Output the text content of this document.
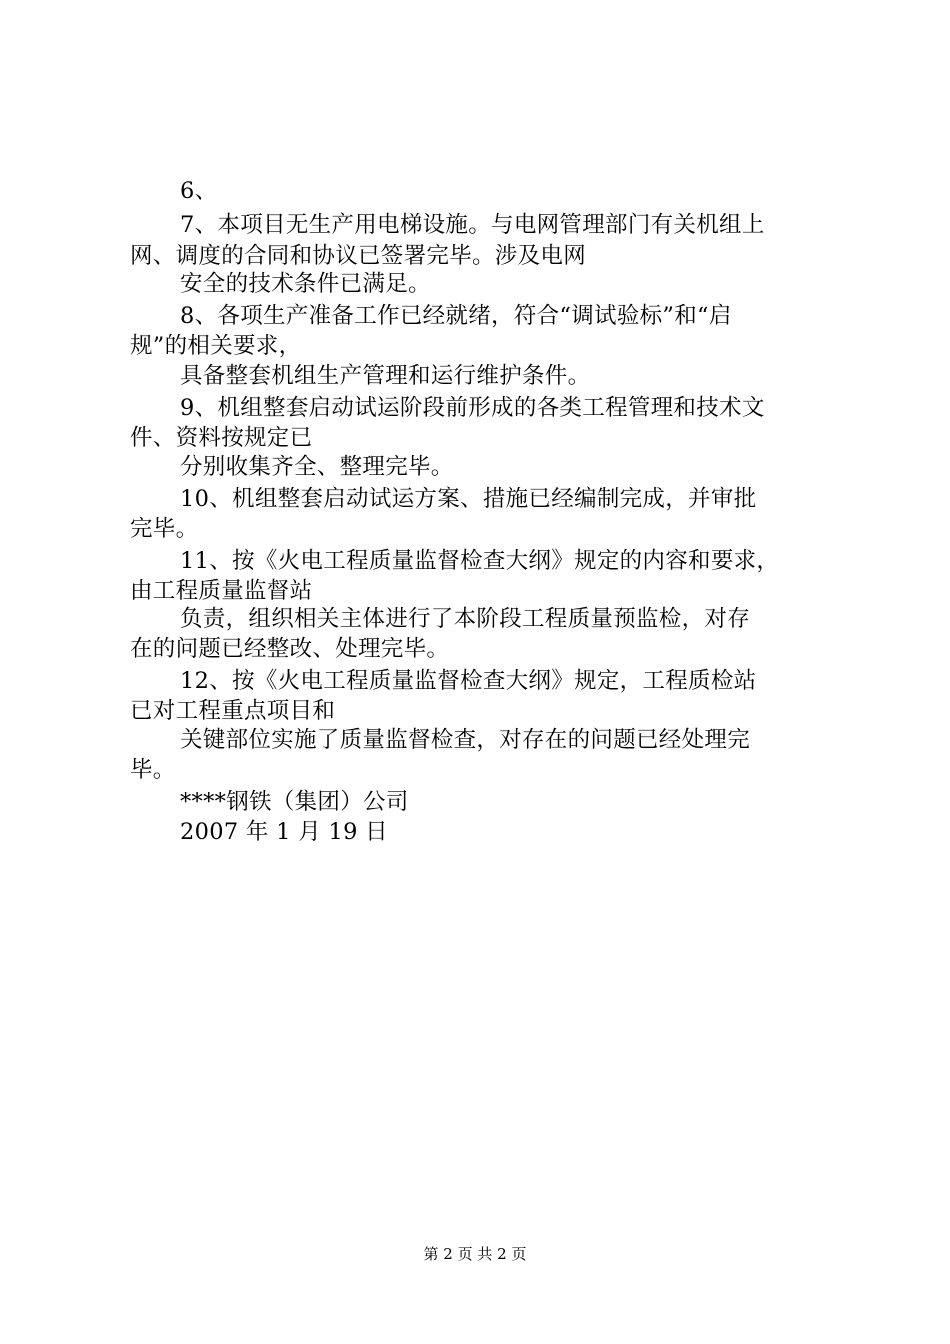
6、
7、本项目无生产用电梯设施。与电网管理部门有关机组上
网、调度的合同和协议已签署完毕。涉及电网
安全的技术条件已满足。
8、各项生产准备工作已经就绪，符合“调试验标”和“启
规”的相关要求，
具备整套机组生产管理和运行维护条件。
9、机组整套启动试运阶段前形成的各类工程管理和技术文
件、资料按规定已
分别收集齐全、整理完毕。
10、机组整套启动试运方案、措施已经编制完成，并审批
完毕。
11、按《火电工程质量监督检查大纲》规定的内容和要求，
由工程质量监督站
负责，组织相关主体进行了本阶段工程质量预监检，对存
在的问题已经整改、处理完毕。
12、按《火电工程质量监督检查大纲》规定，工程质检站
已对工程重点项目和
关键部位实施了质量监督检查，对存在的问题已经处理完
毕。
****钢铁（集团）公司
2007 年 1 月 19 日
第 2 页 共 2 页
